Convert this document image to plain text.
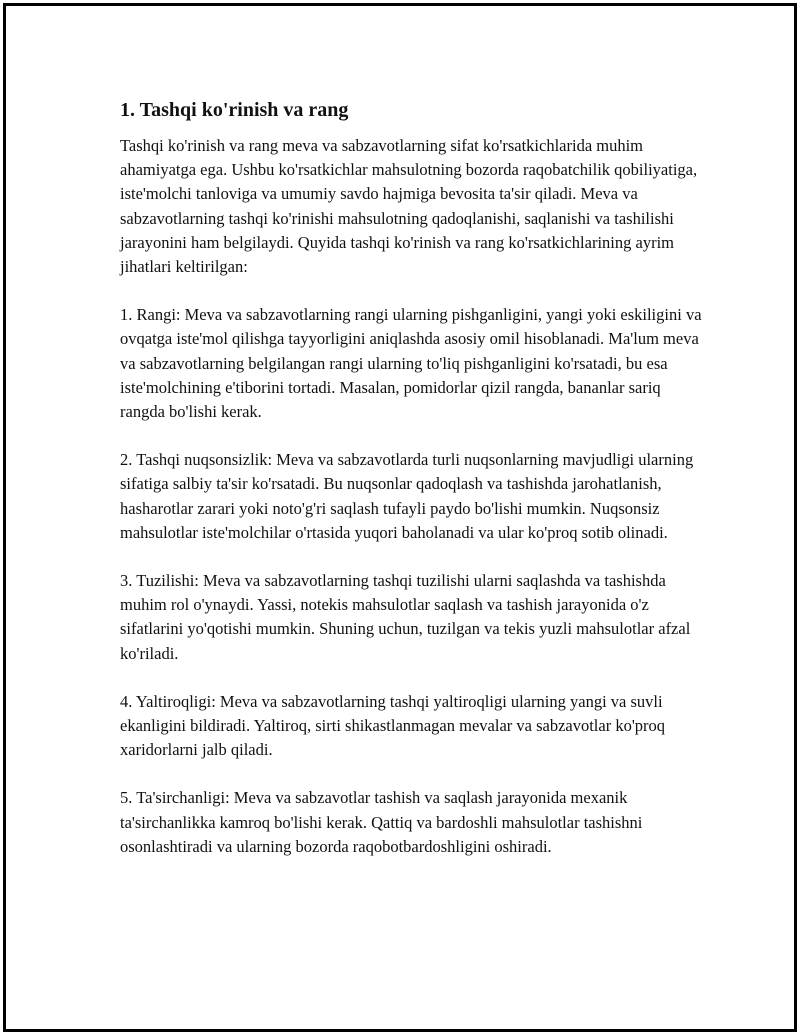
1. Tashqi ko'rinish va rang

Tashqi ko'rinish va rang meva va sabzavotlarning sifat ko'rsatkichlarida muhim ahamiyatga ega. Ushbu ko'rsatkichlar mahsulotning bozorda raqobatchilik qobiliyatiga, iste'molchi tanloviga va umumiy savdo hajmiga bevosita ta'sir qiladi. Meva va sabzavotlarning tashqi ko'rinishi mahsulotning qadoqlanishi, saqlanishi va tashilishi jarayonini ham belgilaydi. Quyida tashqi ko'rinish va rang ko'rsatkichlarining ayrim jihatlari keltirilgan:

1. Rangi: Meva va sabzavotlarning rangi ularning pishganligini, yangi yoki eskiligini va ovqatga iste'mol qilishga tayyorligini aniqlashda asosiy omil hisoblanadi. Ma'lum meva va sabzavotlarning belgilangan rangi ularning to'liq pishganligini ko'rsatadi, bu esa iste'molchining e'tiborini tortadi. Masalan, pomidorlar qizil rangda, bananlar sariq rangda bo'lishi kerak.

2. Tashqi nuqsonsizlik: Meva va sabzavotlarda turli nuqsonlarning mavjudligi ularning sifatiga salbiy ta'sir ko'rsatadi. Bu nuqsonlar qadoqlash va tashishda jarohatlanish, hasharotlar zarari yoki noto'g'ri saqlash tufayli paydo bo'lishi mumkin. Nuqsonsiz mahsulotlar iste'molchilar o'rtasida yuqori baholanadi va ular ko'proq sotib olinadi.

3. Tuzilishi: Meva va sabzavotlarning tashqi tuzilishi ularni saqlashda va tashishda muhim rol o'ynaydi. Yassi, notekis mahsulotlar saqlash va tashish jarayonida o'z sifatlarini yo'qotishi mumkin. Shuning uchun, tuzilgan va tekis yuzli mahsulotlar afzal ko'riladi.

4. Yaltiroqligi: Meva va sabzavotlarning tashqi yaltiroqligi ularning yangi va suvli ekanligini bildiradi. Yaltiroq, sirti shikastlanmagan mevalar va sabzavotlar ko'proq xaridorlarni jalb qiladi.

5. Ta'sirchanligi: Meva va sabzavotlar tashish va saqlash jarayonida mexanik ta'sirchanlikka kamroq bo'lishi kerak. Qattiq va bardoshli mahsulotlar tashishni osonlashtiradi va ularning bozorda raqobotbardoshligini oshiradi.
